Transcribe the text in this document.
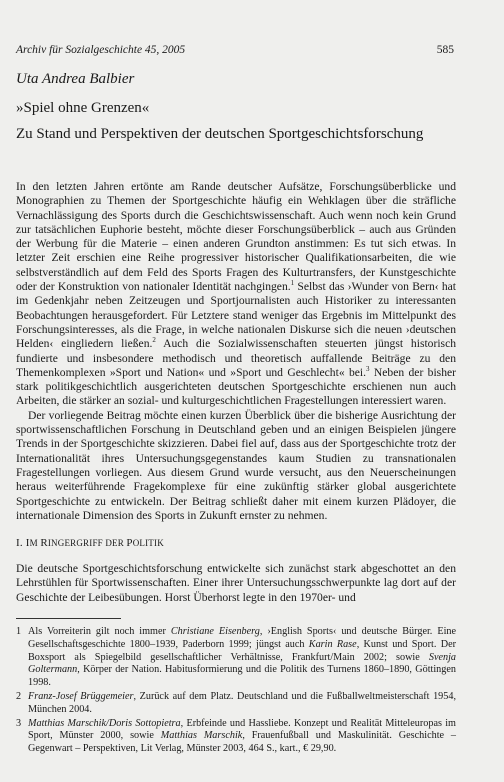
Archiv für Sozialgeschichte 45, 2005	585
Uta Andrea Balbier
»Spiel ohne Grenzen«
Zu Stand und Perspektiven der deutschen Sportgeschichtsforschung

In den letzten Jahren ertönte am Rande deutscher Aufsätze, Forschungsüberblicke und Monographien zu Themen der Sportgeschichte häufig ein Wehklagen über die sträfliche Vernachlässigung des Sports durch die Geschichtswissenschaft. Auch wenn noch kein Grund zur tatsächlichen Euphorie besteht, möchte dieser Forschungsüberblick – auch aus Gründen der Werbung für die Materie – einen anderen Grundton anstimmen: Es tut sich etwas. In letzter Zeit erschien eine Reihe progressiver historischer Qualifikationsarbeiten, die wie selbstverständlich auf dem Feld des Sports Fragen des Kulturtransfers, der Kunstgeschichte oder der Konstruktion von nationaler Identität nachgingen.$^1$ Selbst das ›Wunder von Bern‹ hat im Gedenkjahr neben Zeitzeugen und Sportjournalisten auch Historiker zu interessanten Beobachtungen herausgefordert. Für Letztere stand weniger das Ergebnis im Mittelpunkt des Forschungsinteresses, als die Frage, in welche nationalen Diskurse sich die neuen ›deutschen Helden‹ eingliedern ließen.$^2$ Auch die Sozialwissenschaften steuerten jüngst historisch fundierte und insbesondere methodisch und theoretisch auffallende Beiträge zu den Themenkomplexen »Sport und Nation« und »Sport und Geschlecht« bei.$^3$ Neben der bisher stark politikgeschichtlich ausgerichteten deutschen Sportgeschichte erschienen nun auch Arbeiten, die stärker an sozial- und kulturgeschichtlichen Fragestellungen interessiert waren.

Der vorliegende Beitrag möchte einen kurzen Überblick über die bisherige Ausrichtung der sportwissenschaftlichen Forschung in Deutschland geben und an einigen Beispielen jüngere Trends in der Sportgeschichte skizzieren. Dabei fiel auf, dass aus der Sportgeschichte trotz der Internationalität ihres Untersuchungsgegenstandes kaum Studien zu transnationalen Fragestellungen vorliegen. Aus diesem Grund wurde versucht, aus den Neuerscheinungen heraus weiterführende Fragekomplexe für eine zukünftig stärker global ausgerichtete Sportgeschichte zu entwickeln. Der Beitrag schließt daher mit einem kurzen Plädoyer, die internationale Dimension des Sports in Zukunft ernster zu nehmen.

I. IM RINGERGRIFF DER POLITIK

Die deutsche Sportgeschichtsforschung entwickelte sich zunächst stark abgeschottet an den Lehrstühlen für Sportwissenschaften. Einer ihrer Untersuchungsschwerpunkte lag dort auf der Geschichte der Leibesübungen. Horst Überhorst legte in den 1970er- und

1 Als Vorreiterin gilt noch immer Christiane Eisenberg, ›English Sports‹ und deutsche Bürger. Eine Gesellschaftsgeschichte 1800–1939, Paderborn 1999; jüngst auch Karin Rase, Kunst und Sport. Der Boxsport als Spiegelbild gesellschaftlicher Verhältnisse, Frankfurt/Main 2002; sowie Svenja Goltermann, Körper der Nation. Habitusformierung und die Politik des Turnens 1860–1890, Göttingen 1998.
2 Franz-Josef Brüggemeier, Zurück auf dem Platz. Deutschland und die Fußballweltmeisterschaft 1954, München 2004.
3 Matthias Marschik/Doris Sottopietra, Erbfeinde und Hassliebe. Konzept und Realität Mitteleuropas im Sport, Münster 2000, sowie Matthias Marschik, Frauenfußball und Maskulinität. Geschichte – Gegenwart – Perspektiven, Lit Verlag, Münster 2003, 464 S., kart., € 29,90.
